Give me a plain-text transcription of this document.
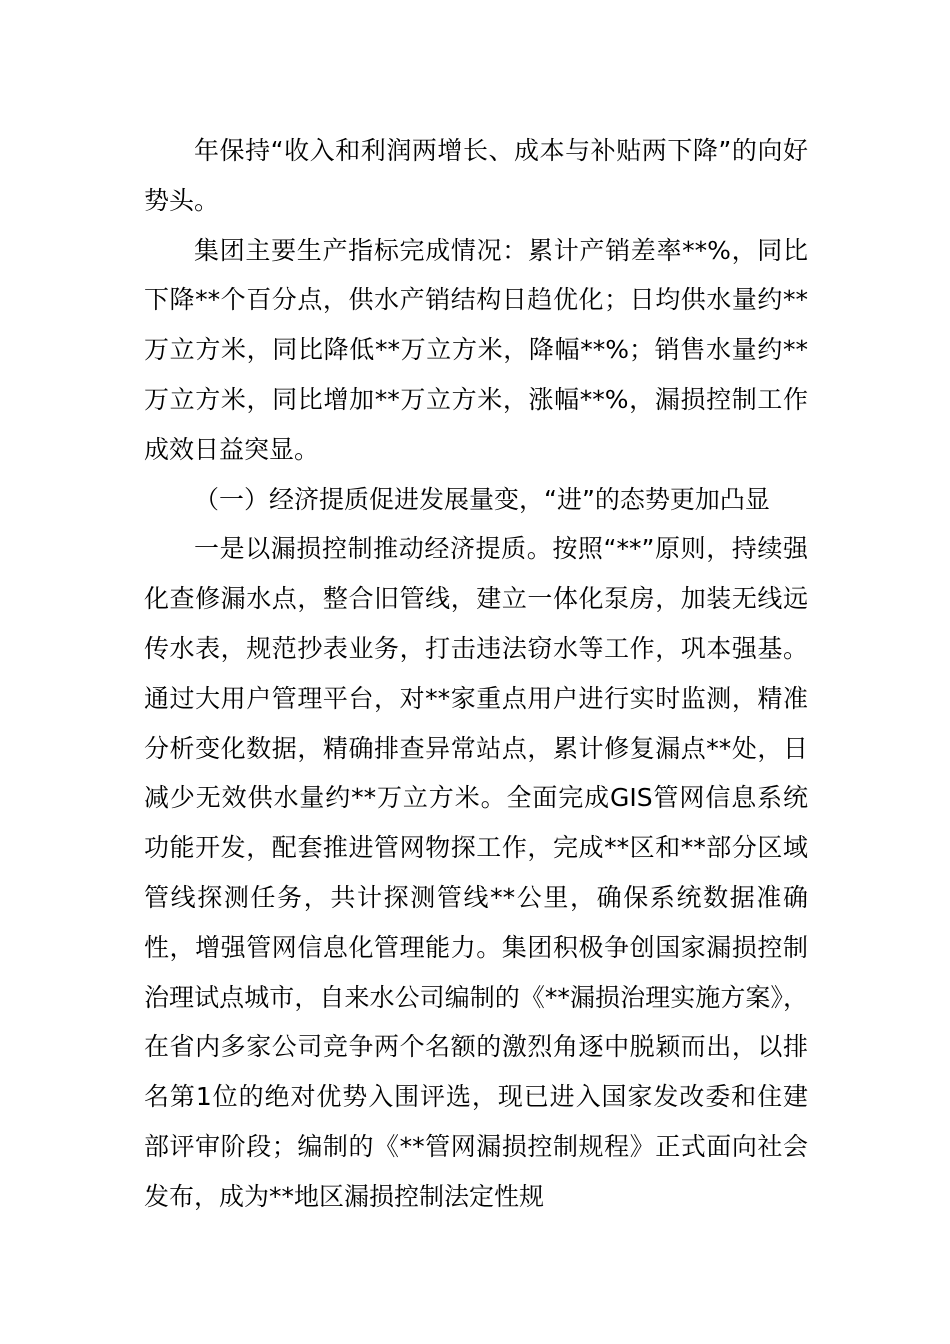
年保持“收入和利润两增长、成本与补贴两下降”的向好势头。

集团主要生产指标完成情况：累计产销差率**%，同比下降**个百分点，供水产销结构日趋优化；日均供水量约**万立方米，同比降低**万立方米，降幅**%；销售水量约**万立方米，同比增加**万立方米，涨幅**%，漏损控制工作成效日益突显。

（一）经济提质促进发展量变，“进”的态势更加凸显

一是以漏损控制推动经济提质。按照“**”原则，持续强化查修漏水点，整合旧管线，建立一体化泵房，加装无线远传水表，规范抄表业务，打击违法窃水等工作，巩本强基。通过大用户管理平台，对**家重点用户进行实时监测，精准分析变化数据，精确排查异常站点，累计修复漏点**处，日减少无效供水量约**万立方米。全面完成GIS管网信息系统功能开发，配套推进管网物探工作，完成**区和**部分区域管线探测任务，共计探测管线**公里，确保系统数据准确性，增强管网信息化管理能力。集团积极争创国家漏损控制治理试点城市，自来水公司编制的《**漏损治理实施方案》，在省内多家公司竞争两个名额的激烈角逐中脱颖而出，以排名第1位的绝对优势入围评选，现已进入国家发改委和住建部评审阶段；编制的《**管网漏损控制规程》正式面向社会发布，成为**地区漏损控制法定性规
